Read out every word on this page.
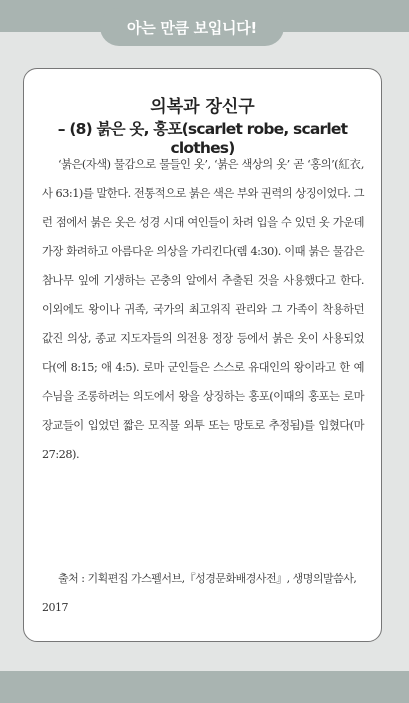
아는 만큼 보입니다!
의복과 장신구
– (8) 붉은 옷, 홍포(scarlet robe, scarlet clothes)

‘붉은(자색) 물감으로 물들인 옷’, ‘붉은 색상의 옷’ 곧 ‘홍의’(紅衣, 사 63:1)를 말한다. 전통적으로 붉은 색은 부와 권력의 상징이었다. 그런 점에서 붉은 옷은 성경 시대 여인들이 차려 입을 수 있던 옷 가운데 가장 화려하고 아름다운 의상을 가리킨다(렘 4:30). 이때 붉은 물감은 참나무 잎에 기생하는 곤충의 알에서 추출된 것을 사용했다고 한다. 이외에도 왕이나 귀족, 국가의 최고위직 관리와 그 가족이 착용하던 값진 의상, 종교 지도자들의 의전용 정장 등에서 붉은 옷이 사용되었다(에 8:15; 애 4:5). 로마 군인들은 스스로 유대인의 왕이라고 한 예수님을 조롱하려는 의도에서 왕을 상징하는 홍포(이때의 홍포는 로마 장교들이 입었던 짧은 모직물 외투 또는 망토로 추정됨)를 입혔다(마 27:28).

출처 : 기획편집 가스펠서브,『성경문화배경사전』, 생명의말씀사, 2017
